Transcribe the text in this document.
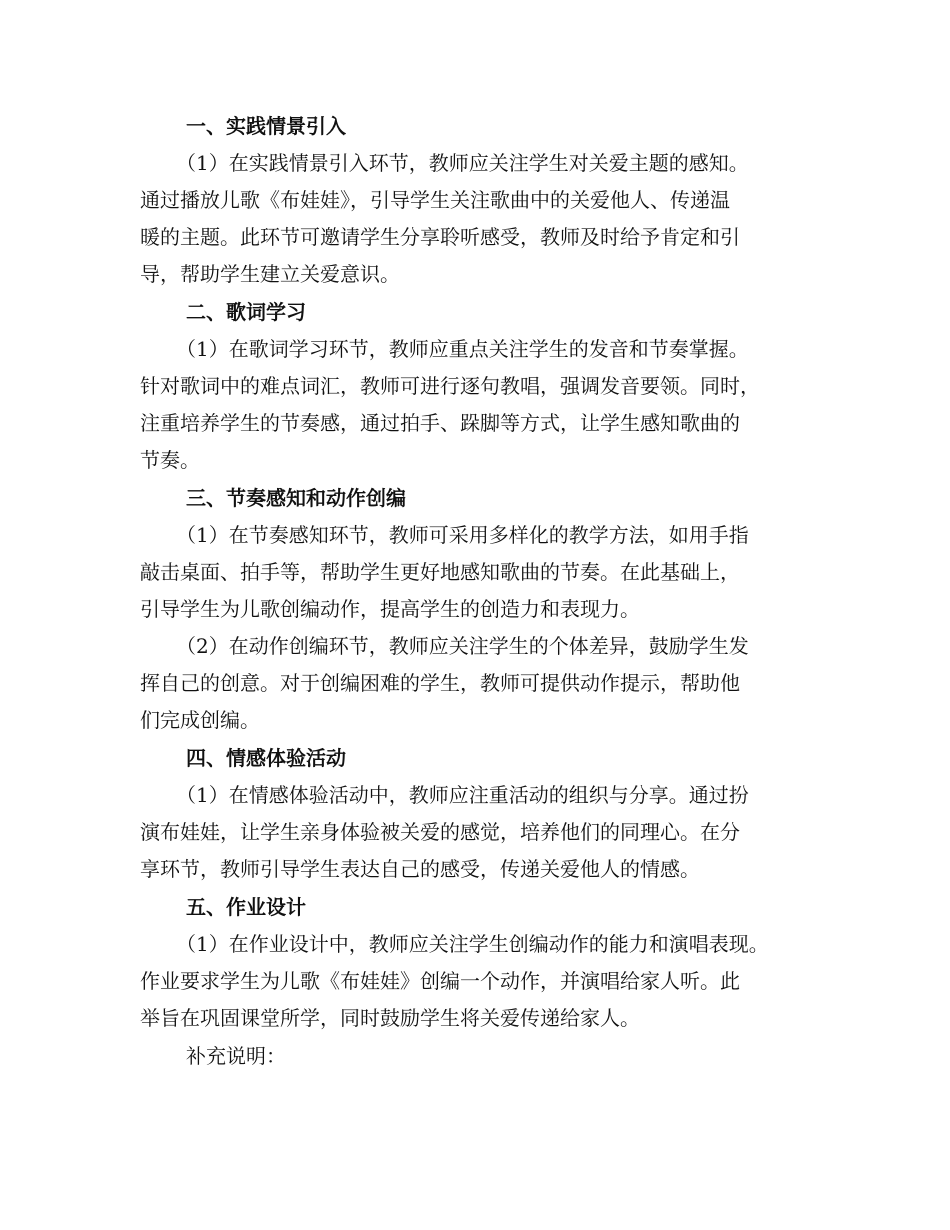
一、实践情景引入
（1）在实践情景引入环节，教师应关注学生对关爱主题的感知。
通过播放儿歌《布娃娃》，引导学生关注歌曲中的关爱他人、传递温
暖的主题。此环节可邀请学生分享聆听感受，教师及时给予肯定和引
导，帮助学生建立关爱意识。
二、歌词学习
（1）在歌词学习环节，教师应重点关注学生的发音和节奏掌握。
针对歌词中的难点词汇，教师可进行逐句教唱，强调发音要领。同时，
注重培养学生的节奏感，通过拍手、跺脚等方式，让学生感知歌曲的
节奏。
三、节奏感知和动作创编
（1）在节奏感知环节，教师可采用多样化的教学方法，如用手指
敲击桌面、拍手等，帮助学生更好地感知歌曲的节奏。在此基础上，
引导学生为儿歌创编动作，提高学生的创造力和表现力。
（2）在动作创编环节，教师应关注学生的个体差异，鼓励学生发
挥自己的创意。对于创编困难的学生，教师可提供动作提示，帮助他
们完成创编。
四、情感体验活动
（1）在情感体验活动中，教师应注重活动的组织与分享。通过扮
演布娃娃，让学生亲身体验被关爱的感觉，培养他们的同理心。在分
享环节，教师引导学生表达自己的感受，传递关爱他人的情感。
五、作业设计
（1）在作业设计中，教师应关注学生创编动作的能力和演唱表现。
作业要求学生为儿歌《布娃娃》创编一个动作，并演唱给家人听。此
举旨在巩固课堂所学，同时鼓励学生将关爱传递给家人。
补充说明：
